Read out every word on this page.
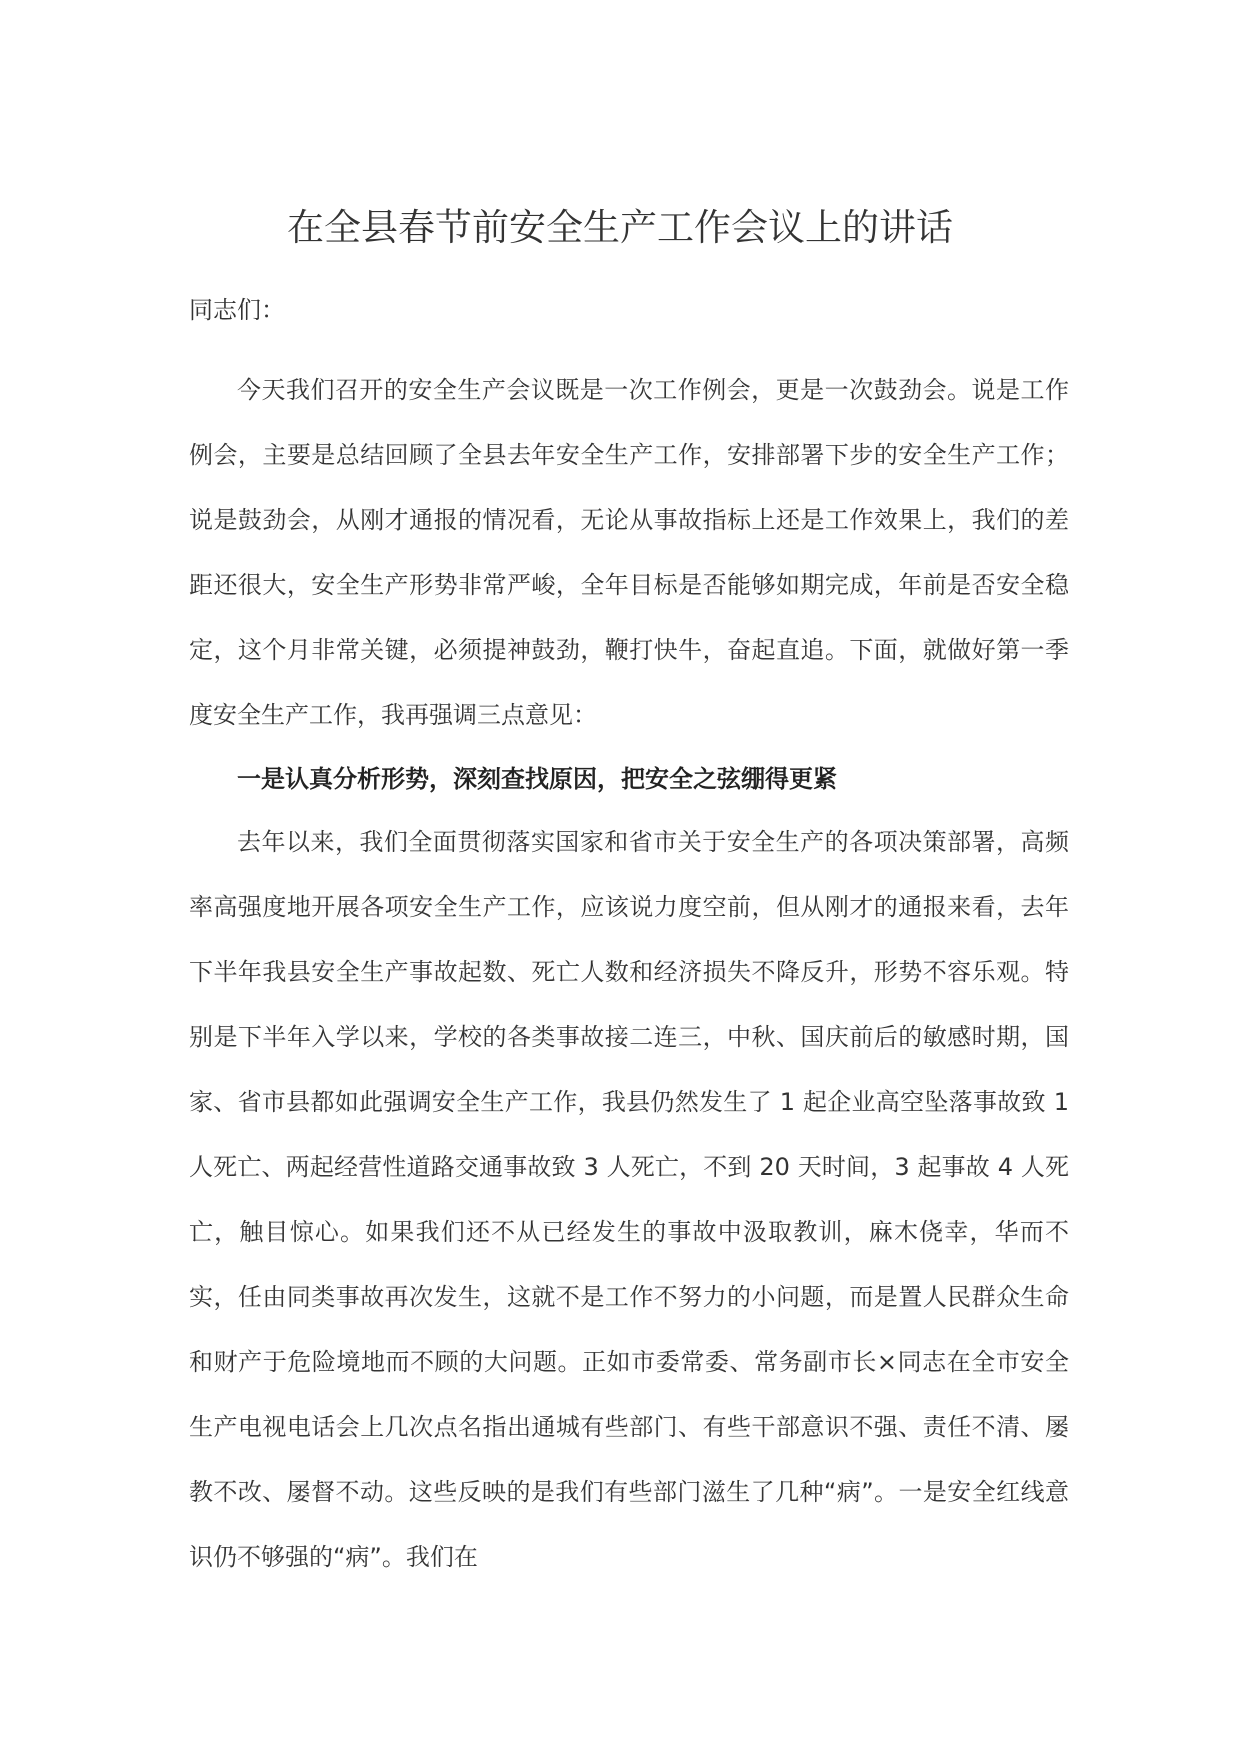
在全县春节前安全生产工作会议上的讲话

同志们：

今天我们召开的安全生产会议既是一次工作例会，更是一次鼓劲会。说是工作例会，主要是总结回顾了全县去年安全生产工作，安排部署下步的安全生产工作；说是鼓劲会，从刚才通报的情况看，无论从事故指标上还是工作效果上，我们的差距还很大，安全生产形势非常严峻，全年目标是否能够如期完成，年前是否安全稳定，这个月非常关键，必须提神鼓劲，鞭打快牛，奋起直追。下面，就做好第一季度安全生产工作，我再强调三点意见：

一是认真分析形势，深刻查找原因，把安全之弦绷得更紧

去年以来，我们全面贯彻落实国家和省市关于安全生产的各项决策部署，高频率高强度地开展各项安全生产工作，应该说力度空前，但从刚才的通报来看，去年下半年我县安全生产事故起数、死亡人数和经济损失不降反升，形势不容乐观。特别是下半年入学以来，学校的各类事故接二连三，中秋、国庆前后的敏感时期，国家、省市县都如此强调安全生产工作，我县仍然发生了 1 起企业高空坠落事故致 1 人死亡、两起经营性道路交通事故致 3 人死亡，不到 20 天时间，3 起事故 4 人死亡，触目惊心。如果我们还不从已经发生的事故中汲取教训，麻木侥幸，华而不实，任由同类事故再次发生，这就不是工作不努力的小问题，而是置人民群众生命和财产于危险境地而不顾的大问题。正如市委常委、常务副市长×同志在全市安全生产电视电话会上几次点名指出通城有些部门、有些干部意识不强、责任不清、屡教不改、屡督不动。这些反映的是我们有些部门滋生了几种“病”。一是安全红线意识仍不够强的“病”。我们在
